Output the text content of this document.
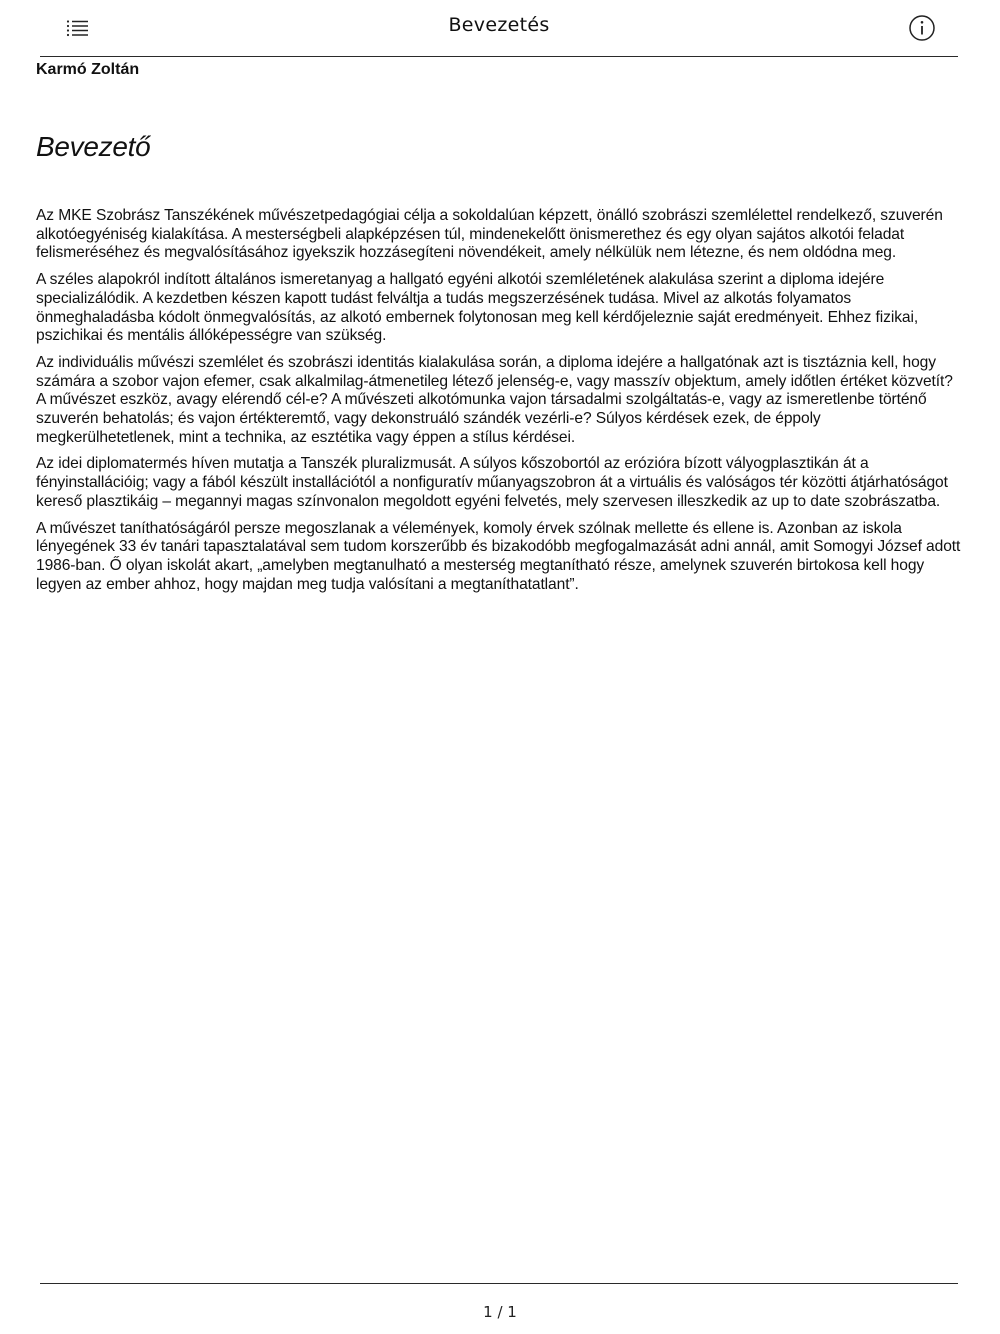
Bevezetés
Karmó Zoltán
Bevezető

Az MKE Szobrász Tanszékének művészetpedagógiai célja a sokoldalúan képzett, önálló szobrászi szemlélettel rendelkező, szuverén alkotóegyéniség kialakítása. A mesterségbeli alapképzésen túl, mindenekelőtt önismerethez és egy olyan sajátos alkotói feladat felismeréséhez és megvalósításához igyekszik hozzásegíteni növendékeit, amely nélkülük nem létezne, és nem oldódna meg.

A széles alapokról indított általános ismeretanyag a hallgató egyéni alkotói szemléletének alakulása szerint a diploma idejére specializálódik. A kezdetben készen kapott tudást felváltja a tudás megszerzésének tudása. Mivel az alkotás folyamatos önmeghaladásba kódolt önmegvalósítás, az alkotó embernek folytonosan meg kell kérdőjeleznie saját eredményeit. Ehhez fizikai, pszichikai és mentális állóképességre van szükség.

Az individuális művészi szemlélet és szobrászi identitás kialakulása során, a diploma idejére a hallgatónak azt is tisztáznia kell, hogy számára a szobor vajon efemer, csak alkalmilag-átmenetileg létező jelenség-e, vagy masszív objektum, amely időtlen értéket közvetít? A művészet eszköz, avagy elérendő cél-e? A művészeti alkotómunka vajon társadalmi szolgáltatás-e, vagy az ismeretlenbe történő szuverén behatolás; és vajon értékteremtő, vagy dekonstruáló szándék vezérli-e? Súlyos kérdések ezek, de éppoly megkerülhetetlenek, mint a technika, az esztétika vagy éppen a stílus kérdései.

Az idei diplomatermés híven mutatja a Tanszék pluralizmusát. A súlyos kőszobortól az erózióra bízott vályogplasztikán át a fényinstallációig; vagy a fából készült installációtól a nonfiguratív műanyagszobron át a virtuális és valóságos tér közötti átjárhatóságot kereső plasztikáig – megannyi magas színvonalon megoldott egyéni felvetés, mely szervesen illeszkedik az up to date szobrászatba.

A művészet taníthatóságáról persze megoszlanak a vélemények, komoly érvek szólnak mellette és ellene is. Azonban az iskola lényegének 33 év tanári tapasztalatával sem tudom korszerűbb és bizakodóbb megfogalmazását adni annál, amit Somogyi József adott 1986-ban. Ő olyan iskolát akart, „amelyben megtanulható a mesterség megtanítható része, amelynek szuverén birtokosa kell hogy legyen az ember ahhoz, hogy majdan meg tudja valósítani a megtaníthatatlant”.

1 / 1
